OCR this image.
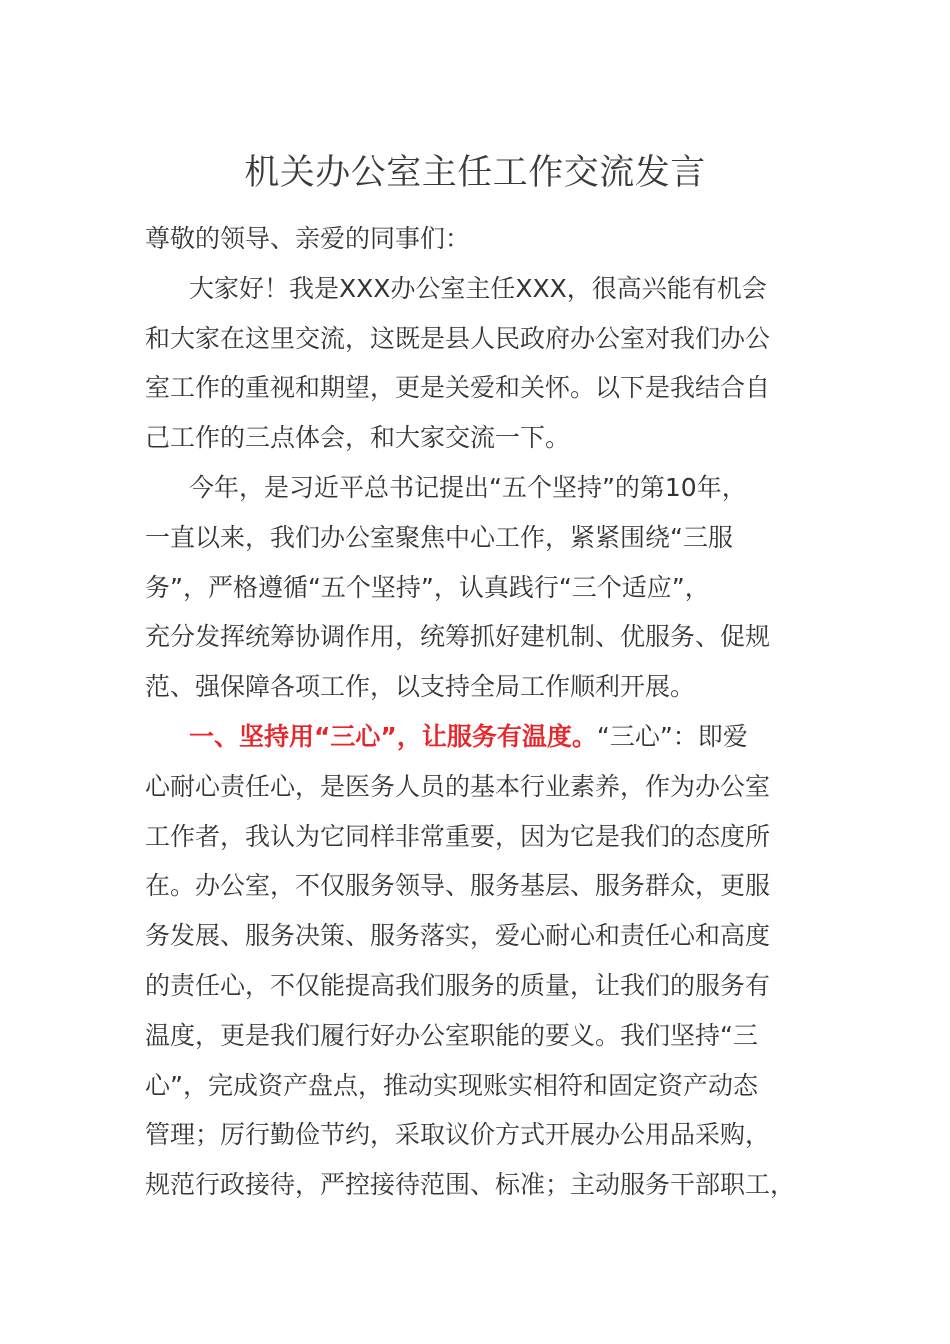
机关办公室主任工作交流发言
尊敬的领导、亲爱的同事们：
大家好！我是XXX办公室主任XXX，很高兴能有机会
和大家在这里交流，这既是县人民政府办公室对我们办公
室工作的重视和期望，更是关爱和关怀。以下是我结合自
己工作的三点体会，和大家交流一下。
今年，是习近平总书记提出“五个坚持”的第10年，
一直以来，我们办公室聚焦中心工作，紧紧围绕“三服
务”，严格遵循“五个坚持”，认真践行“三个适应”，
充分发挥统筹协调作用，统筹抓好建机制、优服务、促规
范、强保障各项工作，以支持全局工作顺利开展。
一、坚持用“三心”，让服务有温度。“三心”：即爱
心耐心责任心，是医务人员的基本行业素养，作为办公室
工作者，我认为它同样非常重要，因为它是我们的态度所
在。办公室，不仅服务领导、服务基层、服务群众，更服
务发展、服务决策、服务落实，爱心耐心和责任心和高度
的责任心，不仅能提高我们服务的质量，让我们的服务有
温度，更是我们履行好办公室职能的要义。我们坚持“三
心”，完成资产盘点，推动实现账实相符和固定资产动态
管理；厉行勤俭节约，采取议价方式开展办公用品采购，
规范行政接待，严控接待范围、标准；主动服务干部职工，
